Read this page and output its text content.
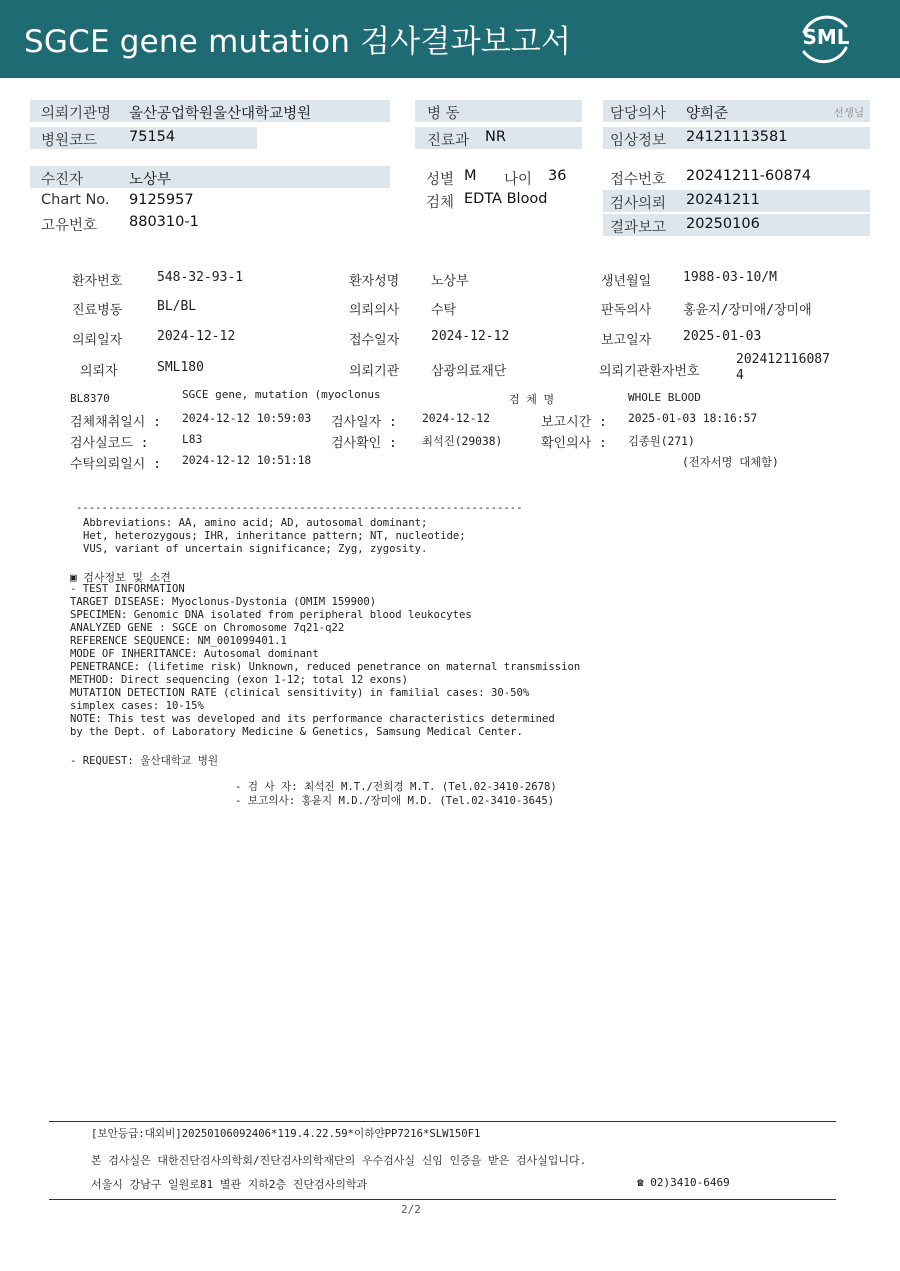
SGCE gene mutation 검사결과보고서	SML
의뢰기관명 울산공업학원울산대학교병원
병원코드 75154
병 동
진료과 NR
담당의사 양희준	선생님
임상정보 24121113581
수진자	노상부
Chart No. 9125957
고유번호 880310-1
성별 M 나이 36
검체 EDTA Blood
접수번호 20241211-60874
검사의뢰 20241211
결과보고 20250106
환자번호	548-32-93-1	환자성명 노상부	생년월일 1988-03-10/M
진료병동	BL/BL	의뢰의사 수탁	판독의사 홍윤지/장미애/장미애
의뢰일자	2024-12-12	접수일자 2024-12-12	보고일자 2025-01-03
의뢰자	SML180	의뢰기관 삼광의료재단	의뢰기관환자번호
202412116087
4
BL8370	SGCE gene, mutation (myoclonus	검 체 명	WHOLE BLOOD
검체채취일시 : 2024-12-12 10:59:03 검사일자 : 2024-12-12	보고시간 : 2025-01-03 18:16:57
검사실코드 :	L83	검사확인 : 최석진(29038)	확인의사 : 김종원(271)
수탁의뢰일시 : 2024-12-12 10:51:18	(전자서명 대체함)
----------------------------------------------------------------------
Abbreviations: AA, amino acid; AD, autosomal dominant;
Het, heterozygous; IHR, inheritance pattern; NT, nucleotide;
VUS, variant of uncertain significance; Zyg, zygosity.
▣ 검사정보 및 소견
- TEST INFORMATION
TARGET DISEASE: Myoclonus-Dystonia (OMIM 159900)
SPECIMEN: Genomic DNA isolated from peripheral blood leukocytes
ANALYZED GENE : SGCE on Chromosome 7q21-q22
REFERENCE SEQUENCE: NM_001099401.1
MODE OF INHERITANCE: Autosomal dominant
PENETRANCE: (lifetime risk) Unknown, reduced penetrance on maternal transmission
METHOD: Direct sequencing (exon 1-12; total 12 exons)
MUTATION DETECTION RATE (clinical sensitivity) in familial cases: 30-50%
simplex cases: 10-15%
NOTE: This test was developed and its performance characteristics determined
by the Dept. of Laboratory Medicine & Genetics, Samsung Medical Center.
- REQUEST: 울산대학교 병원
- 검 사 자: 최석진 M.T./전희경 M.T. (Tel.02-3410-2678)
- 보고의사: 홍윤지 M.D./장미애 M.D. (Tel.02-3410-3645)
[보안등급:대외비]20250106092406*119.4.22.59*이하얀PP7216*SLW150F1
본 검사실은 대한진단검사의학회/진단검사의학재단의 우수검사실 신임 인증을 받은 검사실입니다.
서울시 강남구 일원로81 별관 지하2층 진단검사의학과	☎ 02)3410-6469
2/2
